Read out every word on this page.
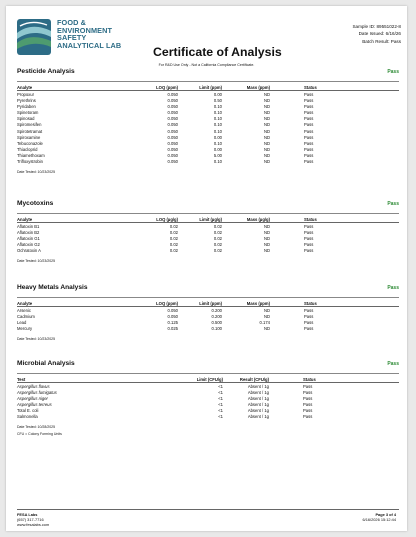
FOOD &
ENVIRONMENT
SAFETY
ANALYTICAL LAB	Certificate of Analysis
Sample ID: 89551022-8
Date Issued: 6/16/26
Batch Result: Pass
For R&D Use Only - Not a California Compliance Certificate.
Pesticide Analysis	Pass
Analyte	LOQ (ppm)	Limit (ppm)	Mass (ppm)	Status
Propoxur	0.050	0.00	ND	Pass
Pyrethrins	0.050	0.50	ND	Pass
Pyridaben	0.050	0.10	ND	Pass
Spinetoram	0.050	0.10	ND	Pass
Spinosad	0.050	0.10	ND	Pass
Spiromesifen	0.050	0.10	ND	Pass
Spirotetramat	0.050	0.10	ND	Pass
Spiroxamine	0.050	0.00	ND	Pass
Tebuconazole	0.050	0.10	ND	Pass
Thiacloprid	0.050	0.00	ND	Pass
Thiamethoxam	0.050	5.00	ND	Pass
Trifloxystrobin	0.050	0.10	ND	Pass
Date Tested: 10/23/2025
Mycotoxins	Pass
Analyte	LOQ (µg/g)	Limit (µg/g)	Mass (µg/g)	Status
Aflatoxin B1	0.02	0.02	ND	Pass
Aflatoxin B2	0.02	0.02	ND	Pass
Aflatoxin G1	0.02	0.02	ND	Pass
Aflatoxin G2	0.02	0.02	ND	Pass
Ochratoxin A	0.02	0.02	ND	Pass
Date Tested: 10/23/2025
Heavy Metals Analysis	Pass
Analyte	LOQ (ppm)	Limit (ppm)	Mass (ppm)	Status
Arsenic	0.050	0.200	ND	Pass
Cadmium	0.050	0.200	ND	Pass
Lead	0.125	0.500	0.174	Pass
Mercury	0.025	0.100	ND	Pass
Date Tested: 10/23/2025
Microbial Analysis	Pass
Test	Limit (CFU/g)	Result (CFU/g)	Status
Aspergillus flavus	<1	Absent / 1g	Pass
Aspergillus fumigatus	<1	Absent / 1g	Pass
Aspergillus niger	<1	Absent / 1g	Pass
Aspergillus terreus	<1	Absent / 1g	Pass
Total E. coli	<1	Absent / 1g	Pass
Salmonella	<1	Absent / 1g	Pass
Date Tested: 10/28/2025
CFU = Colony Forming Units
FESA Labs
(657) 317-7716
www.fesalabs.com
Page 3 of 4
6/16/2026 15:12:44
